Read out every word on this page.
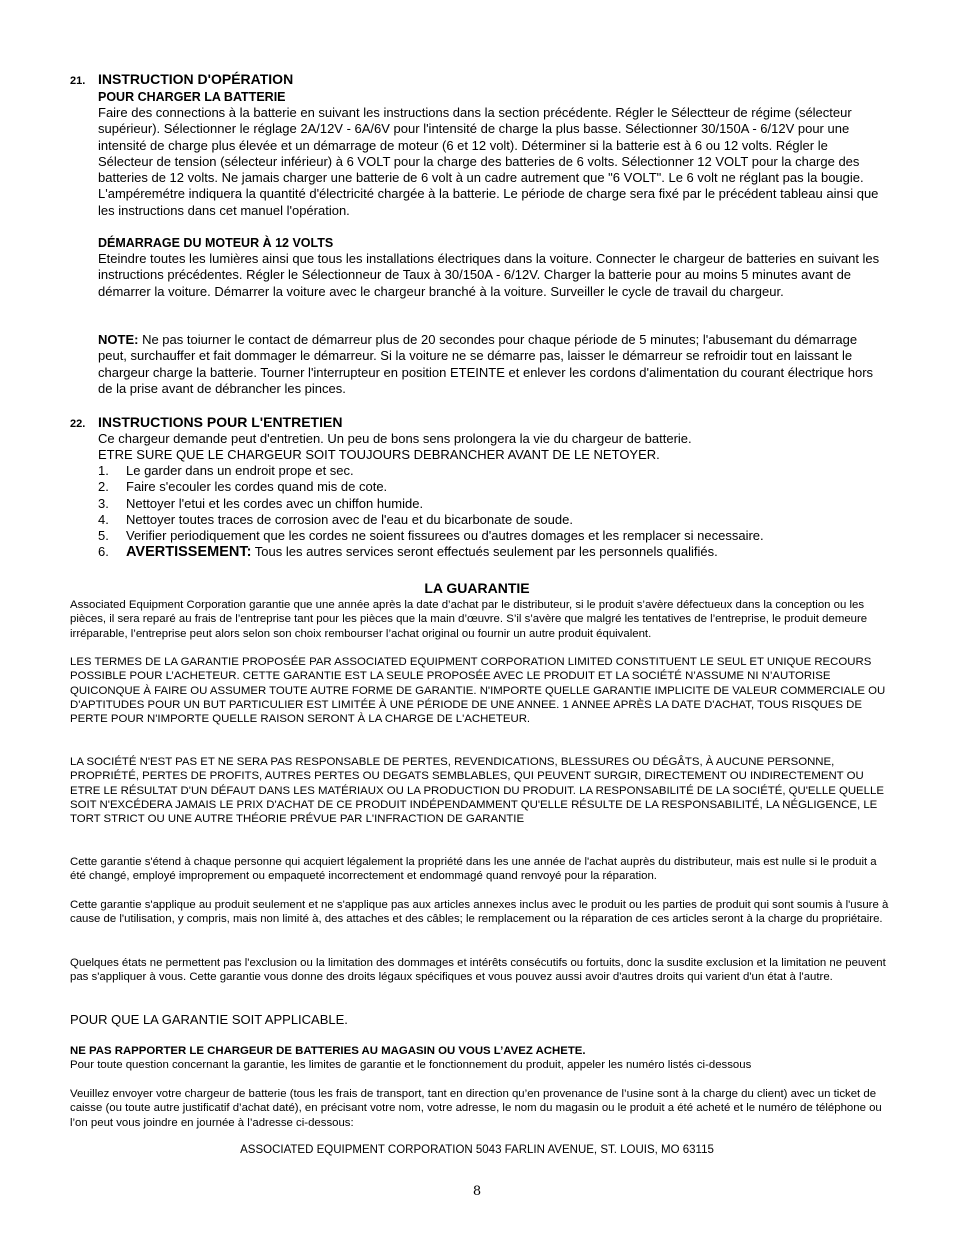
21. INSTRUCTION D'OPÉRATION
POUR CHARGER LA BATTERIE

Faire des connections à la batterie en suivant les instructions dans la section précédente. Régler le Sélectteur de régime (sélecteur supérieur). Sélectionner le réglage 2A/12V - 6A/6V pour l'intensité de charge la plus basse. Sélectionner 30/150A - 6/12V pour une intensité de charge plus élevée et un démarrage de moteur (6 et 12 volt). Déterminer si la batterie est à 6 ou 12 volts. Régler le Sélecteur de tension (sélecteur inférieur) à 6 VOLT pour la charge des batteries de 6 volts. Sélectionner 12 VOLT pour la charge des batteries de 12 volts. Ne jamais charger une batterie de 6 volt à un cadre autrement que "6 VOLT". Le 6 volt ne réglant pas la bougie. L'ampéremétre indiquera la quantité d'électricité chargée à la batterie. Le période de charge sera fixé par le précédent tableau ainsi que les instructions dans cet manuel l'opération.

DÉMARRAGE DU MOTEUR À 12 VOLTS

Eteindre toutes les lumières ainsi que tous les installations électriques dans la voiture. Connecter le chargeur de batteries en suivant les instructions précédentes. Régler le Sélectionneur de Taux à 30/150A - 6/12V. Charger la batterie pour au moins 5 minutes avant de démarrer la voiture. Démarrer la voiture avec le chargeur branché à la voiture. Surveiller le cycle de travail du chargeur.

NOTE: Ne pas toiurner le contact de démarreur plus de 20 secondes pour chaque période de 5 minutes; l'abusemant du démarrage peut, surchauffer et fait dommager le démarreur. Si la voiture ne se démarre pas, laisser le démarreur se refroidir tout en laissant le chargeur charge la batterie. Tourner l'interrupteur en position ETEINTE et enlever les cordons d'alimentation du courant électrique hors de la prise avant de débrancher les pinces.

22. INSTRUCTIONS POUR L'ENTRETIEN

Ce chargeur demande peut d'entretien. Un peu de bons sens prolongera la vie du chargeur de batterie.

ETRE SURE QUE LE CHARGEUR SOIT TOUJOURS DEBRANCHER AVANT DE LE NETOYER.

1.	Le garder dans un endroit prope et sec.
2.	Faire s'ecouler les cordes quand mis de cote.
3.	Nettoyer l'etui et les cordes avec un chiffon humide.
4.	Nettoyer toutes traces de corrosion avec de l'eau et du bicarbonate de soude.
5.	Verifier periodiquement que les cordes ne soient fissurees ou d'autres domages et les remplacer si necessaire.
6.	AVERTISSEMENT: Tous les autres services seront effectués seulement par les personnels qualifiés.
LA GUARANTIE

Associated Equipment Corporation garantie que une année après la date d’achat par le distributeur, si le produit s’avère défectueux dans la conception ou les pièces, il sera reparé au frais de l’entreprise tant pour les pièces que la main d’œuvre. S’il s’avère que malgré les tentatives de l’entreprise, le produit demeure irréparable, l’entreprise peut alors selon son choix rembourser l’achat original ou fournir un autre produit équivalent.

LES TERMES DE LA GARANTIE PROPOSÉE PAR ASSOCIATED EQUIPMENT CORPORATION LIMITED CONSTITUENT LE SEUL ET UNIQUE RECOURS POSSIBLE POUR L’ACHETEUR. CETTE GARANTIE EST LA SEULE PROPOSÉE AVEC LE PRODUIT ET LA SOCIÉTÉ N’ASSUME NI N’AUTORISE QUICONQUE À FAIRE OU ASSUMER TOUTE AUTRE FORME DE GARANTIE. N'IMPORTE QUELLE GARANTIE IMPLICITE DE VALEUR COMMERCIALE OU D'APTITUDES POUR UN BUT PARTICULIER EST LIMITÉE À UNE PÉRIODE DE UNE ANNEE. 1 ANNEE APRÈS LA DATE D'ACHAT, TOUS RISQUES DE PERTE POUR N'IMPORTE QUELLE RAISON SERONT À LA CHARGE DE L'ACHETEUR.

LA SOCIÉTÉ N'EST PAS ET NE SERA PAS RESPONSABLE DE PERTES, REVENDICATIONS, BLESSURES OU DÉGÂTS, À AUCUNE PERSONNE, PROPRIÉTÉ, PERTES DE PROFITS, AUTRES PERTES OU DEGATS SEMBLABLES, QUI PEUVENT SURGIR, DIRECTEMENT OU INDIRECTEMENT OU ETRE LE RÉSULTAT D'UN DÉFAUT DANS LES MATÉRIAUX OU LA PRODUCTION DU PRODUIT. LA RESPONSABILITÉ DE LA SOCIÉTÉ, QU'ELLE QUELLE SOIT N'EXCÉDERA JAMAIS LE PRIX D'ACHAT DE CE PRODUIT INDÉPENDAMMENT QU'ELLE RÉSULTE DE LA RESPONSABILITÉ, LA NÉGLIGENCE, LE TORT STRICT OU UNE AUTRE THÉORIE PRÉVUE PAR L'INFRACTION DE GARANTIE

Cette garantie s'étend à chaque personne qui acquiert légalement la propriété dans les une année de l'achat auprès du distributeur, mais est nulle si le produit a été changé, employé improprement ou empaqueté incorrectement et endommagé quand renvoyé pour la réparation.

Cette garantie s'applique au produit seulement et ne s'applique pas aux articles annexes inclus avec le produit ou les parties de produit qui sont soumis à l'usure à cause de l'utilisation, y compris, mais non limité à, des attaches et des câbles; le remplacement ou la réparation de ces articles seront à la charge du propriétaire.

Quelques états ne permettent pas l'exclusion ou la limitation des dommages et intérêts consécutifs ou fortuits, donc la susdite exclusion et la limitation ne peuvent pas s'appliquer à vous. Cette garantie vous donne des droits légaux spécifiques et vous pouvez aussi avoir d'autres droits qui varient d'un état à l'autre.

POUR QUE LA GARANTIE SOIT APPLICABLE.

NE PAS RAPPORTER LE CHARGEUR DE BATTERIES AU MAGASIN OU VOUS L’AVEZ ACHETE.

Pour toute question concernant la garantie, les limites de garantie et le fonctionnement du produit, appeler les numéro listés ci-dessous

Veuillez envoyer votre chargeur de batterie (tous les frais de transport, tant en direction qu’en provenance de l’usine sont à la charge du client) avec un ticket de caisse (ou toute autre justificatif d’achat daté), en précisant votre nom, votre adresse, le nom du magasin ou le produit a été acheté et le numéro de téléphone ou l’on peut vous joindre en journée à l’adresse ci-dessous:

ASSOCIATED EQUIPMENT CORPORATION 5043 FARLIN AVENUE, ST. LOUIS, MO 63115
8
